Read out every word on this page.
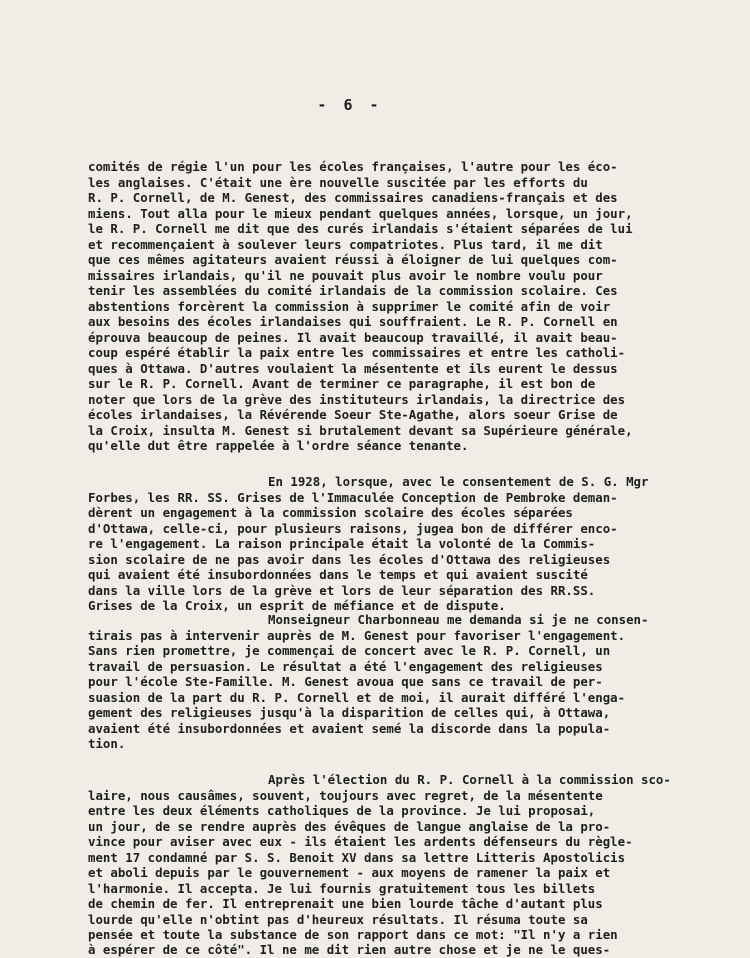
- 6 -
comités de régie l'un pour les écoles françaises, l'autre pour les éco-
les anglaises. C'était une ère nouvelle suscitée par les efforts du
R. P. Cornell, de M. Genest, des commissaires canadiens-français et des
miens. Tout alla pour le mieux pendant quelques années, lorsque, un jour,
le R. P. Cornell me dit que des curés irlandais s'étaient séparées de lui
et recommençaient à soulever leurs compatriotes. Plus tard, il me dit
que ces mêmes agitateurs avaient réussi à éloigner de lui quelques com-
missaires irlandais, qu'il ne pouvait plus avoir le nombre voulu pour
tenir les assemblées du comité irlandais de la commission scolaire. Ces
abstentions forcèrent la commission à supprimer le comité afin de voir
aux besoins des écoles irlandaises qui souffraient. Le R. P. Cornell en
éprouva beaucoup de peines. Il avait beaucoup travaillé, il avait beau-
coup espéré établir la paix entre les commissaires et entre les catholi-
ques à Ottawa. D'autres voulaient la mésentente et ils eurent le dessus
sur le R. P. Cornell. Avant de terminer ce paragraphe, il est bon de
noter que lors de la grève des instituteurs irlandais, la directrice des
écoles irlandaises, la Révérende Soeur Ste-Agathe, alors soeur Grise de
la Croix, insulta M. Genest si brutalement devant sa Supérieure générale,
qu'elle dut être rappelée à l'ordre séance tenante.
En 1928, lorsque, avec le consentement de S. G. Mgr
Forbes, les RR. SS. Grises de l'Immaculée Conception de Pembroke deman-
dèrent un engagement à la commission scolaire des écoles séparées
d'Ottawa, celle-ci, pour plusieurs raisons, jugea bon de différer enco-
re l'engagement. La raison principale était la volonté de la Commis-
sion scolaire de ne pas avoir dans les écoles d'Ottawa des religieuses
qui avaient été insubordonnées dans le temps et qui avaient suscité
dans la ville lors de la grève et lors de leur séparation des RR.SS.
Grises de la Croix, un esprit de méfiance et de dispute.
Monseigneur Charbonneau me demanda si je ne consen-
tirais pas à intervenir auprès de M. Genest pour favoriser l'engagement.
Sans rien promettre, je commençai de concert avec le R. P. Cornell, un
travail de persuasion. Le résultat a été l'engagement des religieuses
pour l'école Ste-Famille. M. Genest avoua que sans ce travail de per-
suasion de la part du R. P. Cornell et de moi, il aurait différé l'enga-
gement des religieuses jusqu'à la disparition de celles qui, à Ottawa,
avaient été insubordonnées et avaient semé la discorde dans la popula-
tion.
Après l'élection du R. P. Cornell à la commission sco-
laire, nous causâmes, souvent, toujours avec regret, de la mésentente
entre les deux éléments catholiques de la province. Je lui proposai,
un jour, de se rendre auprès des évêques de langue anglaise de la pro-
vince pour aviser avec eux - ils étaient les ardents défenseurs du règle-
ment 17 condamné par S. S. Benoit XV dans sa lettre Litteris Apostolicis
et aboli depuis par le gouvernement - aux moyens de ramener la paix et
l'harmonie. Il accepta. Je lui fournis gratuitement tous les billets
de chemin de fer. Il entreprenait une bien lourde tâche d'autant plus
lourde qu'elle n'obtint pas d'heureux résultats. Il résuma toute sa
pensée et toute la substance de son rapport dans ce mot: "Il n'y a rien
à espérer de ce côté". Il ne me dit rien autre chose et je ne le ques-
